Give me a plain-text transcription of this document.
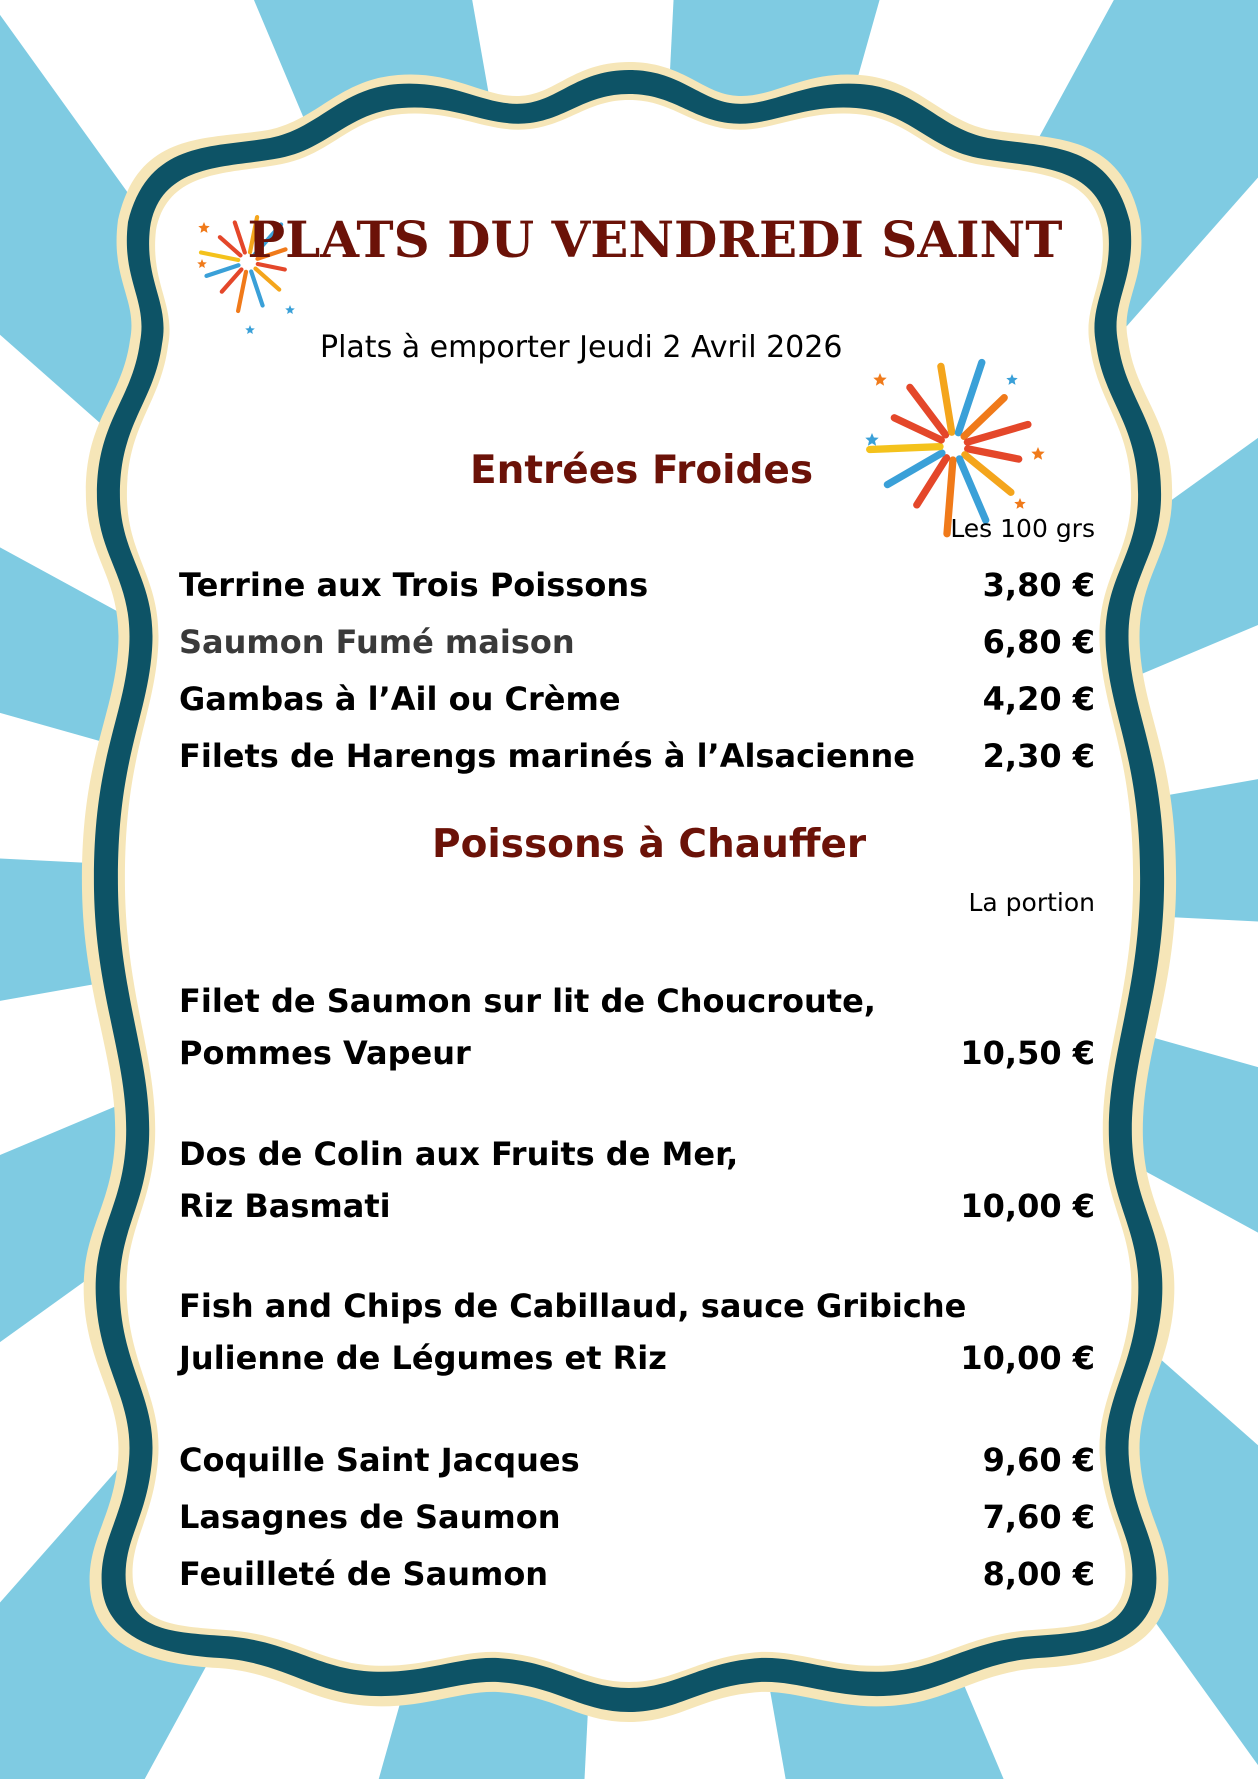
PLATS DU VENDREDI SAINT

Plats à emporter Jeudi 2 Avril 2026

Entrées Froides

Les 100 grs

Terrine aux Trois Poissons	3,80 €
Saumon Fumé maison	6,80 €
Gambas à l’Ail ou Crème	4,20 €
Filets de Harengs marinés à l’Alsacienne 2,30 €
Poissons à Chauffer

La portion

Filet de Saumon sur lit de Choucroute,
Pommes Vapeur	10,50 €
Dos de Colin aux Fruits de Mer,
Riz Basmati	10,00 €
Fish and Chips de Cabillaud, sauce Gribiche
Julienne de Légumes et Riz	10,00 €
Coquille Saint Jacques	9,60 €
Lasagnes de Saumon	7,60 €
Feuilleté de Saumon	8,00 €
